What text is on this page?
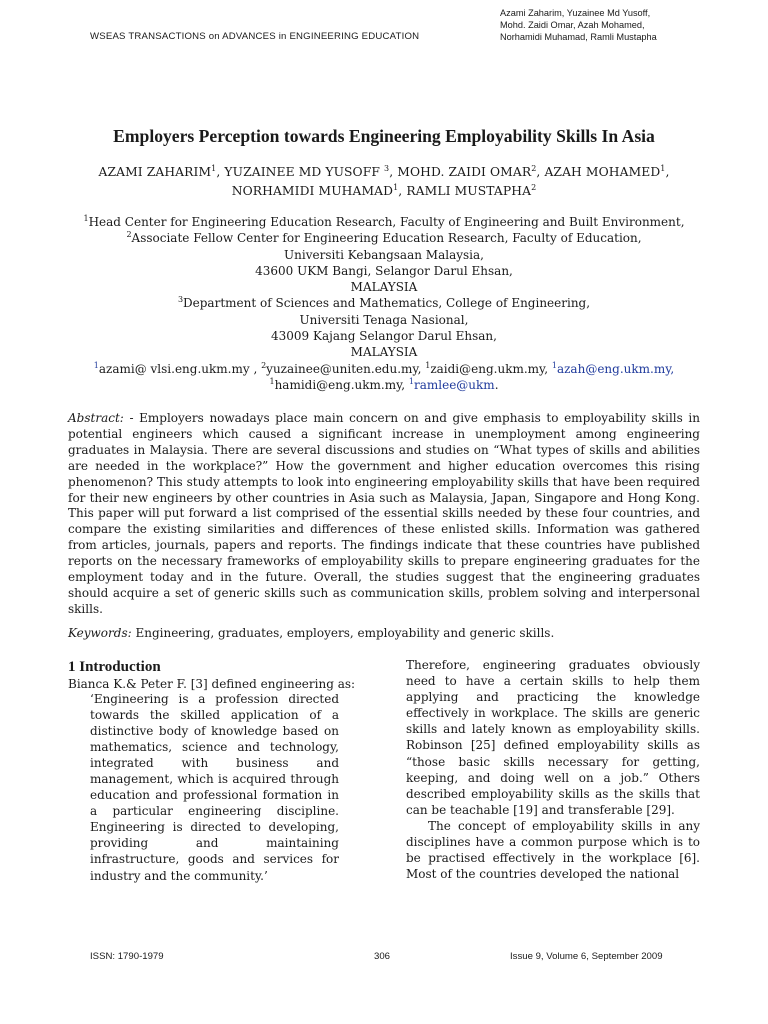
WSEAS TRANSACTIONS on ADVANCES in ENGINEERING EDUCATION
Azami Zaharim, Yuzainee Md Yusoff,
Mohd. Zaidi Omar, Azah Mohamed,
Norhamidi Muhamad, Ramli Mustapha
Employers Perception towards Engineering Employability Skills In Asia
AZAMI ZAHARIM$^1$, YUZAINEE MD YUSOFF $^3$, MOHD. ZAIDI OMAR$^2$, AZAH MOHAMED$^1$,
NORHAMIDI MUHAMAD$^1$, RAMLI MUSTAPHA$^2$
$^1$Head Center for Engineering Education Research, Faculty of Engineering and Built Environment,
$^2$Associate Fellow Center for Engineering Education Research, Faculty of Education,
Universiti Kebangsaan Malaysia,
43600 UKM Bangi, Selangor Darul Ehsan,
MALAYSIA
$^3$Department of Sciences and Mathematics, College of Engineering,
Universiti Tenaga Nasional,
43009 Kajang Selangor Darul Ehsan,
MALAYSIA
$^1$azami@ vlsi.eng.ukm.my , $^2$yuzainee@uniten.edu.my, $^1$zaidi@eng.ukm.my, $^1$azah@eng.ukm.my,
$^1$hamidi@eng.ukm.my, $^1$ramlee@ukm.
Abstract: - Employers nowadays place main concern on and give emphasis to employability skills in potential engineers which caused a significant increase in unemployment among engineering graduates in Malaysia. There are several discussions and studies on “What types of skills and abilities are needed in the workplace?” How the government and higher education overcomes this rising phenomenon? This study attempts to look into engineering employability skills that have been required for their new engineers by other countries in Asia such as Malaysia, Japan, Singapore and Hong Kong. This paper will put forward a list comprised of the essential skills needed by these four countries, and compare the existing similarities and differences of these enlisted skills. Information was gathered from articles, journals, papers and reports. The findings indicate that these countries have published reports on the necessary frameworks of employability skills to prepare engineering graduates for the employment today and in the future. Overall, the studies suggest that the engineering graduates should acquire a set of generic skills such as communication skills, problem solving and interpersonal skills.
Keywords: Engineering, graduates, employers, employability and generic skills.
1 Introduction
Bianca K.& Peter F. [3] defined engineering as:
‘Engineering is a profession directed towards the skilled application of a distinctive body of knowledge based on mathematics, science and technology, integrated with business and management, which is acquired through education and professional formation in a particular engineering discipline. Engineering is directed to developing, providing and maintaining infrastructure, goods and services for industry and the community.’

Therefore, engineering graduates obviously need to have a certain skills to help them applying and practicing the knowledge effectively in workplace. The skills are generic skills and lately known as employability skills. Robinson [25] defined employability skills as “those basic skills necessary for getting, keeping, and doing well on a job.” Others described employability skills as the skills that can be teachable [19] and transferable [29].

The concept of employability skills in any disciplines have a common purpose which is to be practised effectively in the workplace [6]. Most of the countries developed the national

ISSN: 1790-1979	306	Issue 9, Volume 6, September 2009
